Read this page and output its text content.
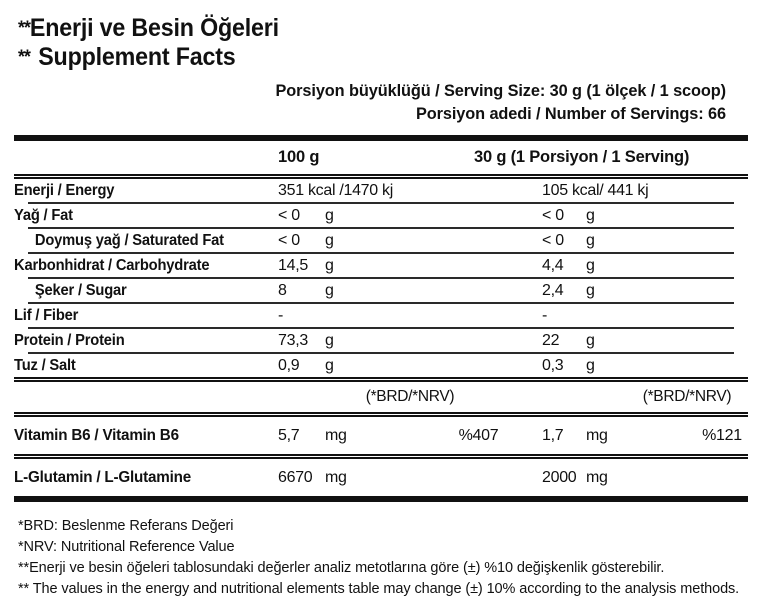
**Enerji ve Besin Öğeleri
** Supplement Facts
Porsiyon büyüklüğü / Serving Size: 30 g (1 ölçek / 1 scoop)
Porsiyon adedi / Number of Servings: 66
100 g	30 g (1 Porsiyon / 1 Serving)
Enerji / Energy	351 kcal /1470 kj	105 kcal/ 441 kj
Yağ / Fat	< 0	g	< 0	g
Doymuş yağ / Saturated Fat	< 0	g	< 0	g
Karbonhidrat / Carbohydrate	14,5	g	4,4	g
Şeker / Sugar	8	g	2,4	g
Lif / Fiber	-	-
Protein / Protein	73,3	g	22	g
Tuz / Salt	0,9	g	0,3	g
(*BRD/*NRV)	(*BRD/*NRV)
Vitamin B6 / Vitamin B6	5,7	mg	%407	1,7	mg	%121
L-Glutamin / L-Glutamine	6670 mg	2000 mg
*BRD: Beslenme Referans Değeri
*NRV: Nutritional Reference Value
**Enerji ve besin öğeleri tablosundaki değerler analiz metotlarına göre (±) %10 değişkenlik gösterebilir.
** The values in the energy and nutritional elements table may change (±) 10% according to the analysis methods.
